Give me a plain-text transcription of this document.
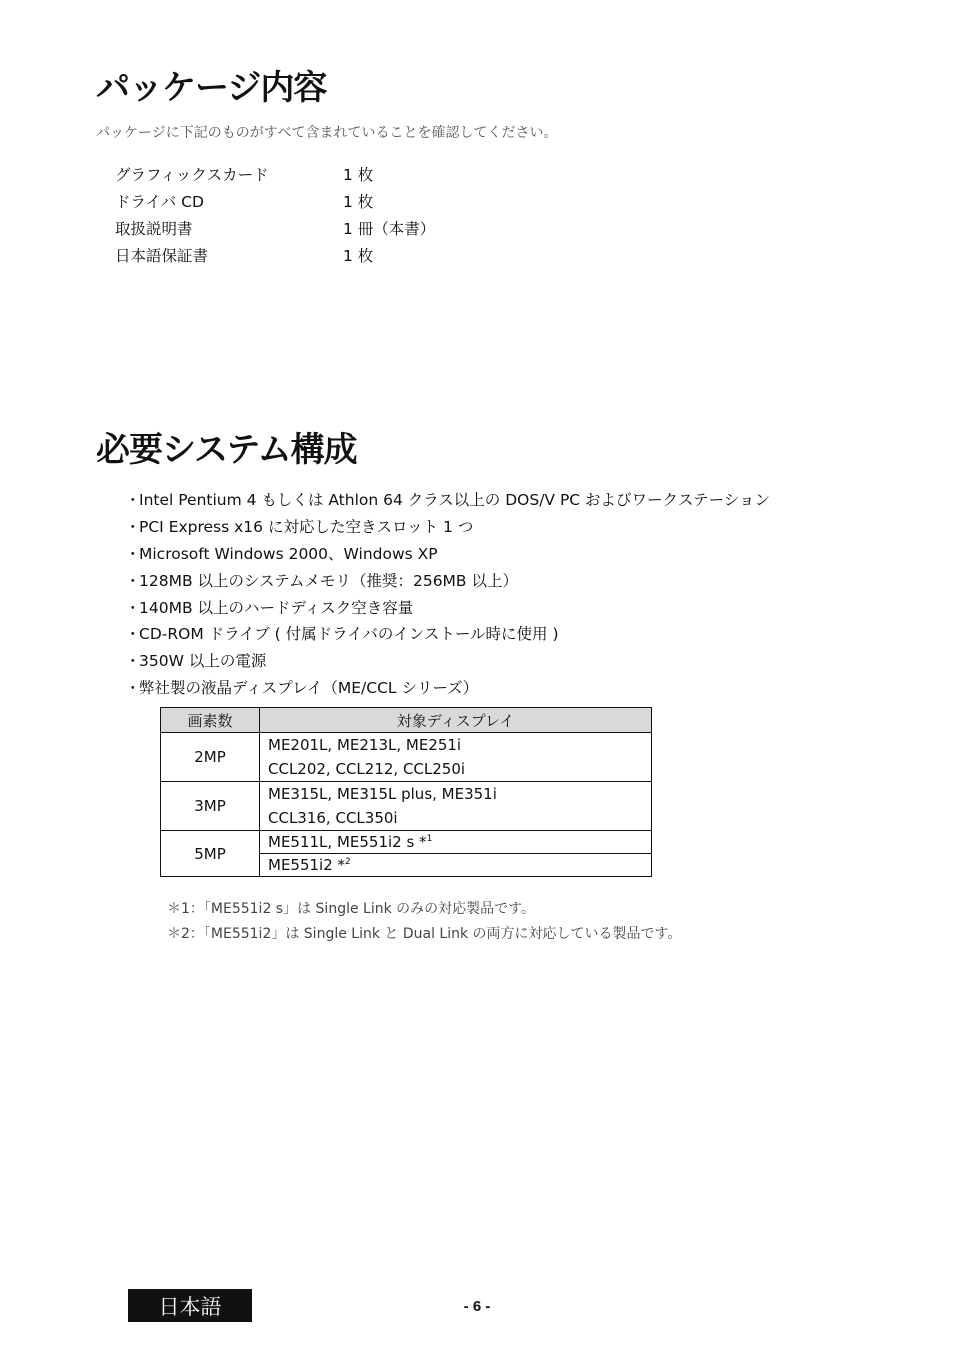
パッケージ内容
パッケージに下記のものがすべて含まれていることを確認してください。
グラフィックスカード	1 枚
ドライバ CD	1 枚
取扱説明書	1 冊（本書）
日本語保証書	1 枚
必要システム構成
・ Intel Pentium 4 もしくは Athlon 64 クラス以上の DOS/V PC およびワークステーション
・ PCI Express x16 に対応した空きスロット 1 つ
・ Microsoft Windows 2000、Windows XP
・ 128MB 以上のシステムメモリ（推奨：256MB 以上）
・ 140MB 以上のハードディスク空き容量
・ CD-ROM ドライブ ( 付属ドライバのインストール時に使用 )
・ 350W 以上の電源
・ 弊社製の液晶ディスプレイ（ME/CCL シリーズ）
画素数	対象ディスプレイ
2MP	ME201L, ME213L, ME251i
	CCL202, CCL212, CCL250i
3MP	ME315L, ME315L plus, ME351i
	CCL316, CCL350i
5MP	ME511L, ME551i2 s *$^1$
	ME551i2 *$^2$
＊1：「ME551i2 s」は Single Link のみの対応製品です。
＊2：「ME551i2」は Single Link と Dual Link の両方に対応している製品です。
日本語	- 6 -
